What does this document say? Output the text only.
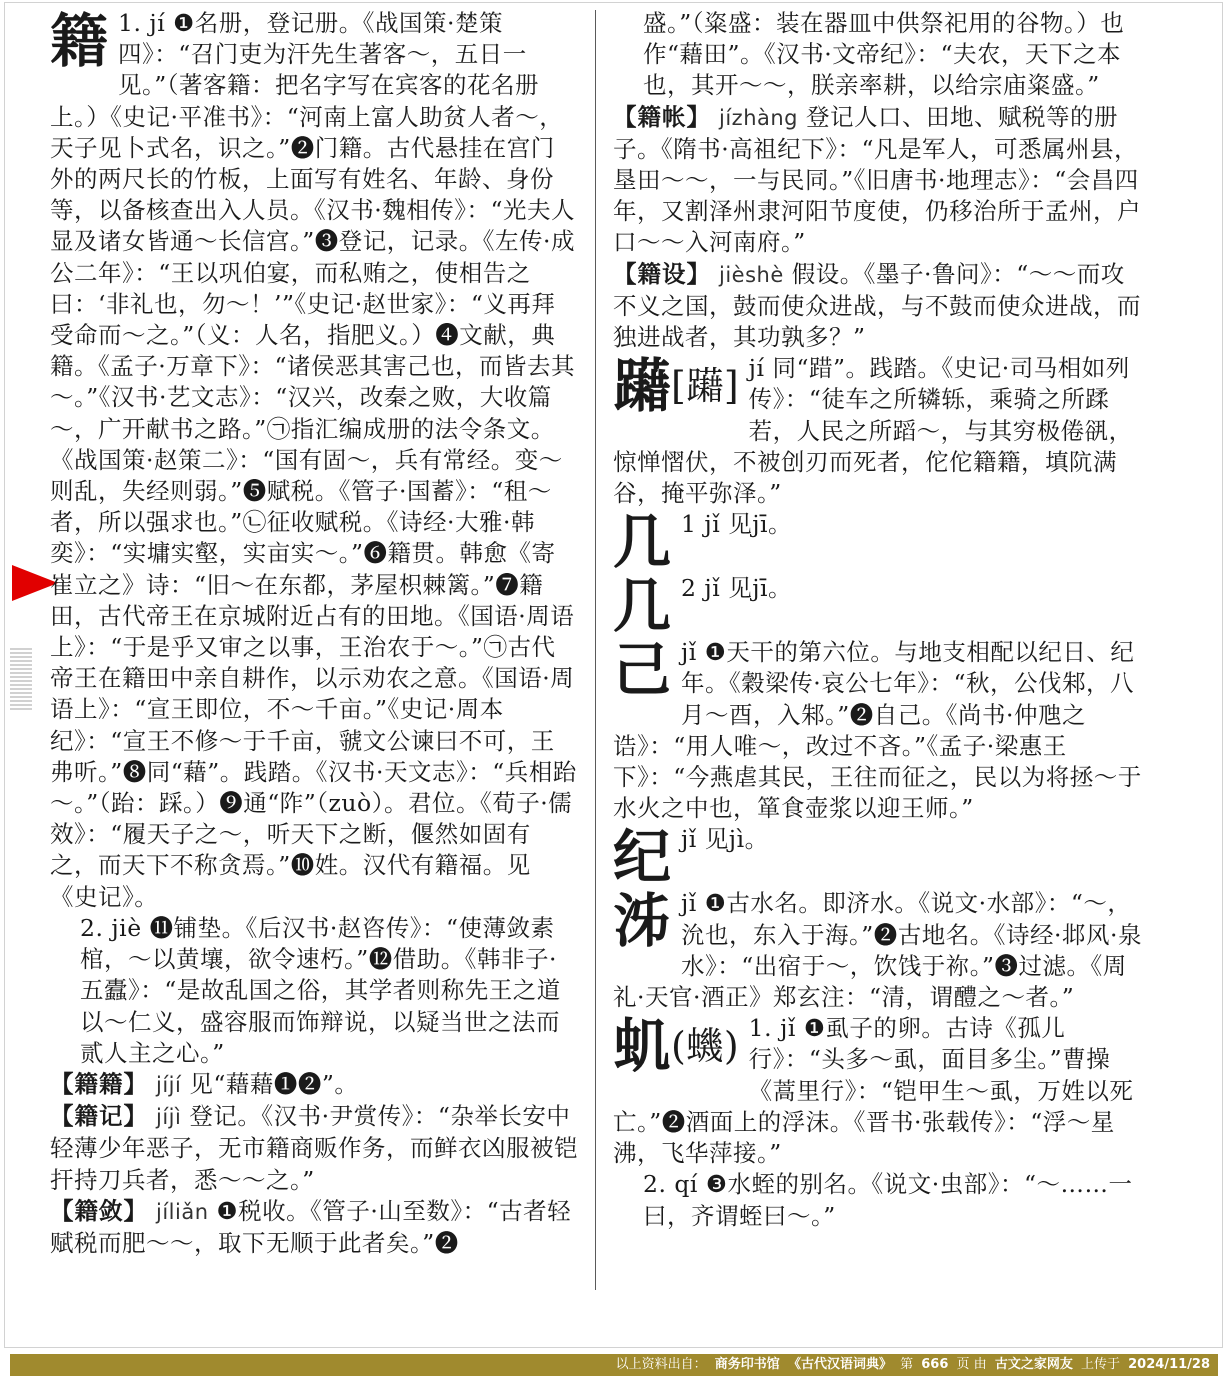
籍 1. jí ❶名册，登记册。《战国策·楚策四》：“召门吏为汗先生著客～，五日一见。”（著客籍：把名字写在宾客的花名册上。）《史记·平准书》：“河南上富人助贫人者～，天子见卜式名，识之。”❷门籍。古代悬挂在宫门外的两尺长的竹板，上面写有姓名、年龄、身份等，以备核查出入人员。《汉书·魏相传》：“光夫人显及诸女皆通～长信宫。”❸登记，记录。《左传·成公二年》：“王以巩伯宴，而私贿之，使相告之曰：‘非礼也，勿～！’”《史记·赵世家》：“义再拜受命而～之。”（义：人名，指肥义。）❹文献，典籍。《孟子·万章下》：“诸侯恶其害己也，而皆去其～。”《汉书·艺文志》：“汉兴，改秦之败，大收篇～，广开献书之路。”㉠指汇编成册的法令条文。《战国策·赵策二》：“国有固～，兵有常经。变～则乱，失经则弱。”❺赋税。《管子·国蓄》：“租～者，所以强求也。”㉡征收赋税。《诗经·大雅·韩奕》：“实墉实壑，实亩实～。”❻籍贯。韩愈《寄崔立之》诗：“旧～在东都，茅屋枳棘篱。”❼籍田，古代帝王在京城附近占有的田地。《国语·周语上》：“于是乎又审之以事，王治农于～。”㉠古代帝王在籍田中亲自耕作，以示劝农之意。《国语·周语上》：“宣王即位，不～千亩。”《史记·周本纪》：“宣王不修～于千亩，虢文公谏曰不可，王弗听。”❽同“藉”。践踏。《汉书·天文志》：“兵相跆～。”（跆：踩。）❾通“阼”（zuò）。君位。《荀子·儒效》：“履天子之～，听天下之断，偃然如固有之，而天下不称贪焉。”❿姓。汉代有籍福。见《史记》。
2. jiè ⓫铺垫。《后汉书·赵咨传》：“使薄敛素棺，～以黄壤，欲令速朽。”⓬借助。《韩非子·五蠹》：“是故乱国之俗，其学者则称先王之道以～仁义，盛容服而饰辩说，以疑当世之法而贰人主之心。”
【籍籍】 jíjí 见“藉藉❶❷”。
【籍记】 jíjì 登记。《汉书·尹赏传》：“杂举长安中轻薄少年恶子，无市籍商贩作务，而鲜衣凶服被铠扞持刀兵者，悉～～之。”
【籍敛】 jíliǎn ❶税收。《管子·山至数》：“古者轻赋税而肥～～，取下无顺于此者矣。”❷
盛。”（粢盛：装在器皿中供祭祀用的谷物。）也作“藉田”。《汉书·文帝纪》：“夫农，天下之本也，其开～～，朕亲率耕，以给宗庙粢盛。”
【籍帐】 jízhàng 登记人口、田地、赋税等的册子。《隋书·高祖纪下》：“凡是军人，可悉属州县，垦田～～，一与民同。”《旧唐书·地理志》：“会昌四年，又割泽州隶河阳节度使，仍移治所于孟州，户口～～入河南府。”
【籍设】 jièshè 假设。《墨子·鲁问》：“～～而攻不义之国，鼓而使众进战，与不鼓而使众进战，而独进战者，其功孰多？”
躤[躤] jí 同“踖”。践踏。《史记·司马相如列传》：“徒车之所辚轹，乘骑之所蹂若，人民之所蹈～，与其穷极倦谻，惊惮慴伏，不被创刃而死者，佗佗籍籍，填阬满谷，掩平弥泽。”
几 1 jǐ 见jī。
几 2 jǐ 见jī。
己 jǐ ❶天干的第六位。与地支相配以纪日、纪年。《穀梁传·哀公七年》：“秋，公伐邾，八月～酉，入邾。”❷自己。《尚书·仲虺之诰》：“用人唯～，改过不吝。”《孟子·梁惠王下》：“今燕虐其民，王往而征之，民以为将拯～于水火之中也，箪食壶浆以迎王师。”
纪 jǐ 见jì。
泲 jǐ ❶古水名。即济水。《说文·水部》：“～，沇也，东入于海。”❷古地名。《诗经·邶风·泉水》：“出宿于～，饮饯于祢。”❸过滤。《周礼·天官·酒正》郑玄注：“清，谓醴之～者。”
虮$^{(蟣)}$ 1. jǐ ❶虱子的卵。古诗《孤儿行》：“头多～虱，面目多尘。”曹操《蒿里行》：“铠甲生～虱，万姓以死亡。”❷酒面上的浮沫。《晋书·张载传》：“浮～星沸，飞华萍接。”
2. qí ❸水蛭的别名。《说文·虫部》：“～……一曰，齐谓蛭曰～。”
以上资料出自： 商务印书馆 《古代汉语词典》 第 666 页 由 古文之家网友 上传于 2024/11/28
